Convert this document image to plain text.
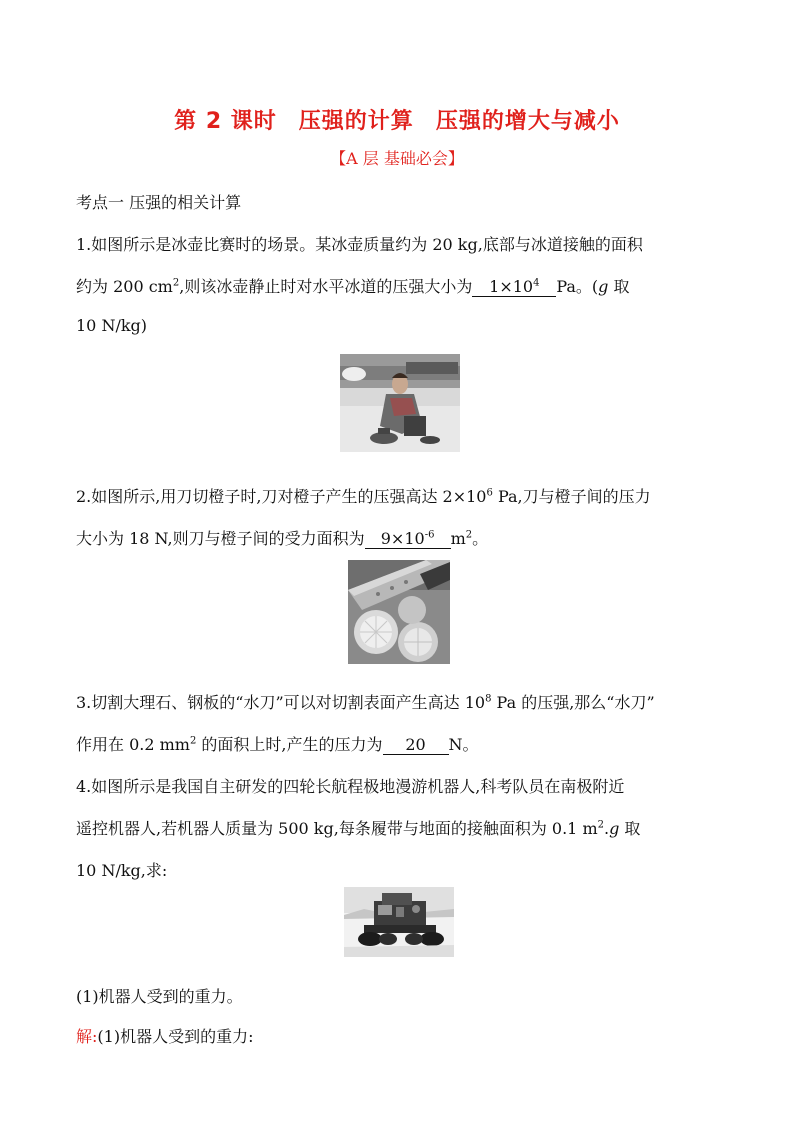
第 2 课时 压强的计算 压强的增大与减小
【A 层 基础必会】
考点一 压强的相关计算
1.如图所示是冰壶比赛时的场景。某冰壶质量约为 20 kg,底部与冰道接触的面积
约为 200 $cm^2$,则该冰壶静止时对水平冰道的压强大小为 $1\times 10^4$ Pa。(g 取
10 N/kg)
2.如图所示,用刀切橙子时,刀对橙子产生的压强高达 $2\times 10^6$ Pa,刀与橙子间的压力
大小为 18 N,则刀与橙子间的受力面积为 $9\times 10^{-6}$ $m^2$。
3.切割大理石、钢板的“水刀”可以对切割表面产生高达 $10^8$ Pa 的压强,那么“水刀”
作用在 0.2 $mm^2$ 的面积上时,产生的压力为 20 N。
4.如图所示是我国自主研发的四轮长航程极地漫游机器人,科考队员在南极附近
遥控机器人,若机器人质量为 500 kg,每条履带与地面的接触面积为 0.1 $m^2.g$ 取
10 N/kg,求:
(1)机器人受到的重力。
解:(1)机器人受到的重力:
